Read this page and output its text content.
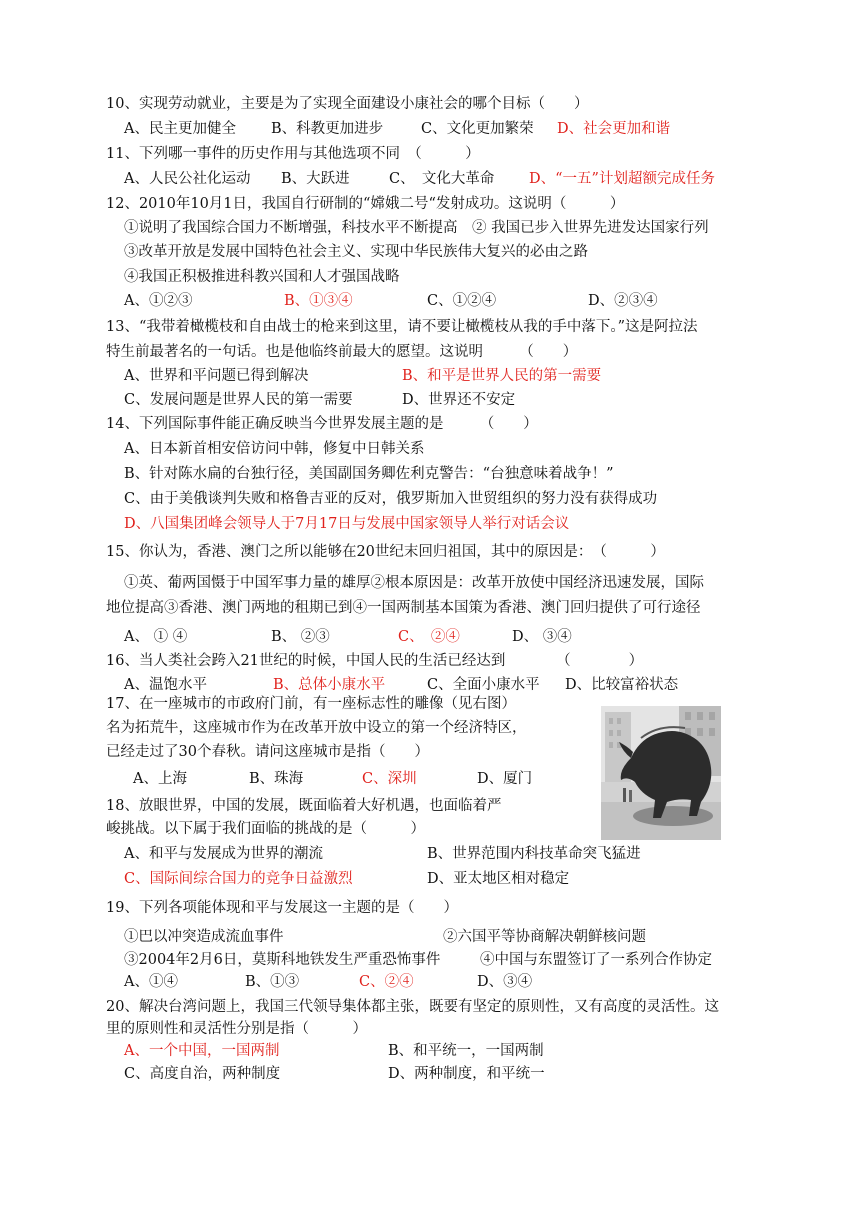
10、实现劳动就业，主要是为了实现全面建设小康社会的哪个目标（　　）
A、民主更加健全 B、科教更加进步	C、文化更加繁荣 D、社会更加和谐
11、下列哪一事件的历史作用与其他选项不同　（　　　）
A、人民公社化运动 B、大跃进	C、　文化大革命 D、“一五”计划超额完成任务
12、2010年10月1日，我国自行研制的“嫦娥二号“发射成功。这说明（　　　）
①说明了我国综合国力不断增强，科技水平不断提高　② 我国已步入世界先进发达国家行列
③改革开放是发展中国特色社会主义、实现中华民族伟大复兴的必由之路
④我国正积极推进科教兴国和人才强国战略
A、①②③	B、①③④	C、①②④	D、②③④
13、“我带着橄榄枝和自由战士的枪来到这里，请不要让橄榄枝从我的手中落下。”这是阿拉法
特生前最著名的一句话。也是他临终前最大的愿望。这说明　　　（　　）
A、世界和平问题已得到解决	B、和平是世界人民的第一需要
C、发展问题是世界人民的第一需要	D、世界还不安定
14、下列国际事件能正确反映当今世界发展主题的是　　　（　　）
A、日本新首相安倍访问中韩，修复中日韩关系
B、针对陈水扁的台独行径，美国副国务卿佐利克警告：“台独意味着战争！”
C、由于美俄谈判失败和格鲁吉亚的反对，俄罗斯加入世贸组织的努力没有获得成功
D、八国集团峰会领导人于7月17日与发展中国家领导人举行对话会议
15、你认为，香港、澳门之所以能够在20世纪末回归祖国，其中的原因是：　（　　　）
①英、葡两国慑于中国军事力量的雄厚②根本原因是：改革开放使中国经济迅速发展，国际
地位提高③香港、澳门两地的租期已到④一国两制基本国策为香港、澳门回归提供了可行途径
A、 ① ④	B、 ②③	C、　②④	D、 ③④
16、当人类社会跨入21世纪的时候，中国人民的生活已经达到　　　　（　　　　）
A、温饱水平	B、总体小康水平	C、全面小康水平 D、比较富裕状态
17、在一座城市的市政府门前，有一座标志性的雕像（见右图）
名为拓荒牛，这座城市作为在改革开放中设立的第一个经济特区，
已经走过了30个春秋。请问这座城市是指（　　）
A、上海	B、珠海	C、深圳	D、厦门
18、放眼世界，中国的发展，既面临着大好机遇，也面临着严
峻挑战。以下属于我们面临的挑战的是（　　　）
A、和平与发展成为世界的潮流	B、世界范围内科技革命突飞猛进
C、国际间综合国力的竞争日益激烈	D、亚太地区相对稳定
19、下列各项能体现和平与发展这一主题的是（　　）
①巴以冲突造成流血事件	②六国平等协商解决朝鲜核问题
③2004年2月6日，莫斯科地铁发生严重恐怖事件	④中国与东盟签订了一系列合作协定
A、①④	B、①③	C、②④	D、③④
20、解决台湾问题上，我国三代领导集体都主张，既要有坚定的原则性，又有高度的灵活性。这
里的原则性和灵活性分别是指（　　　）
A、一个中国，一国两制	B、和平统一，一国两制
C、高度自治，两种制度	D、两种制度，和平统一
